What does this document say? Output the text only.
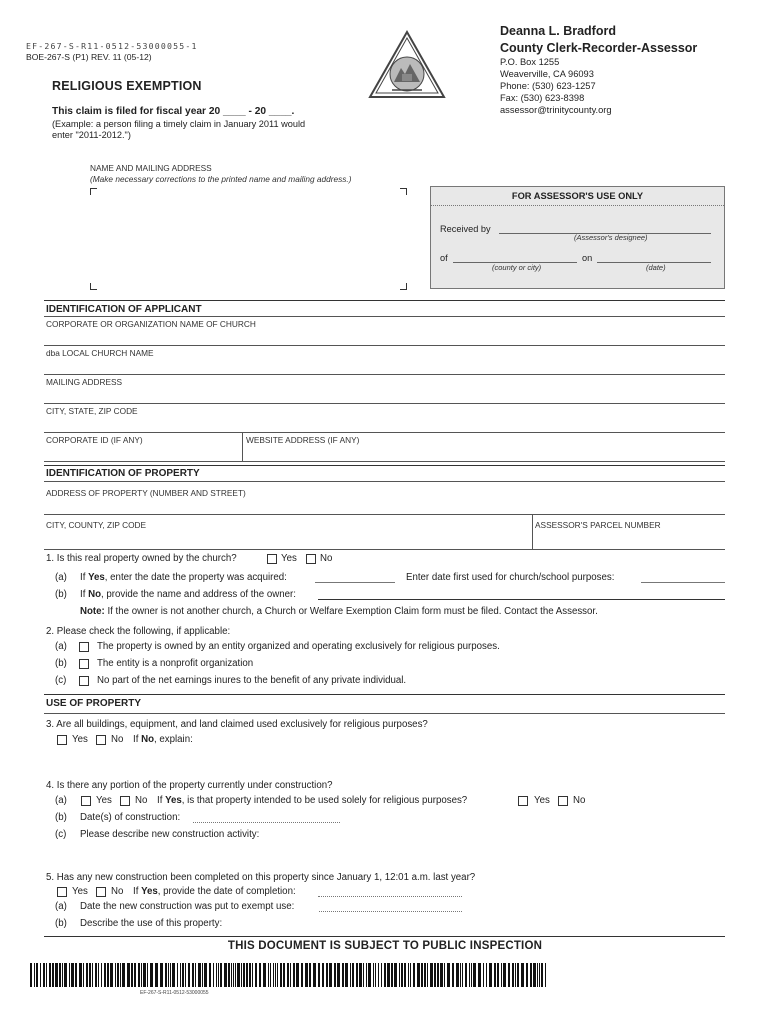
EF-267-S-R11-0512-53000055-1
BOE-267-S (P1) REV. 11 (05-12)
RELIGIOUS EXEMPTION
This claim is filed for fiscal year 20 ____ - 20 ____.
(Example: a person filing a timely claim in January 2011 would
enter "2011-2012.")
Deanna L. Bradford
County Clerk-Recorder-Assessor
P.O. Box 1255
Weaverville, CA 96093
Phone: (530) 623-1257
Fax: (530) 623-8398
assessor@trinitycounty.org
NAME AND MAILING ADDRESS
(Make necessary corrections to the printed name and mailing address.)
FOR ASSESSOR'S USE ONLY
Received by
(Assessor's designee)
of
(county or city)
on
(date)
IDENTIFICATION OF APPLICANT
CORPORATE OR ORGANIZATION NAME OF CHURCH
dba LOCAL CHURCH NAME
MAILING ADDRESS
CITY, STATE, ZIP CODE
CORPORATE ID (IF ANY)	WEBSITE ADDRESS (IF ANY)
IDENTIFICATION OF PROPERTY
ADDRESS OF PROPERTY (NUMBER AND STREET)
CITY, COUNTY, ZIP CODE	ASSESSOR'S PARCEL NUMBER
1. Is this real property owned by the church?	Yes No
(a) If Yes, enter the date the property was acquired:	Enter date first used for church/school purposes:
(b) If No, provide the name and address of the owner:
Note: If the owner is not another church, a Church or Welfare Exemption Claim form must be filed. Contact the Assessor.
2. Please check the following, if applicable:
(a)	The property is owned by an entity organized and operating exclusively for religious purposes.
(b)	The entity is a nonprofit organization
(c)	No part of the net earnings inures to the benefit of any private individual.
USE OF PROPERTY
3. Are all buildings, equipment, and land claimed used exclusively for religious purposes?
Yes No If No, explain:
4. Is there any portion of the property currently under construction?
(a)	Yes No If Yes, is that property intended to be used solely for religious purposes?	Yes No
(b) Date(s) of construction:
(c) Please describe new construction activity:
5. Has any new construction been completed on this property since January 1, 12:01 a.m. last year?
Yes No If Yes, provide the date of completion:
(a) Date the new construction was put to exempt use:
(b) Describe the use of this property:
THIS DOCUMENT IS SUBJECT TO PUBLIC INSPECTION
EF-267-S-R11-0512-53000055
